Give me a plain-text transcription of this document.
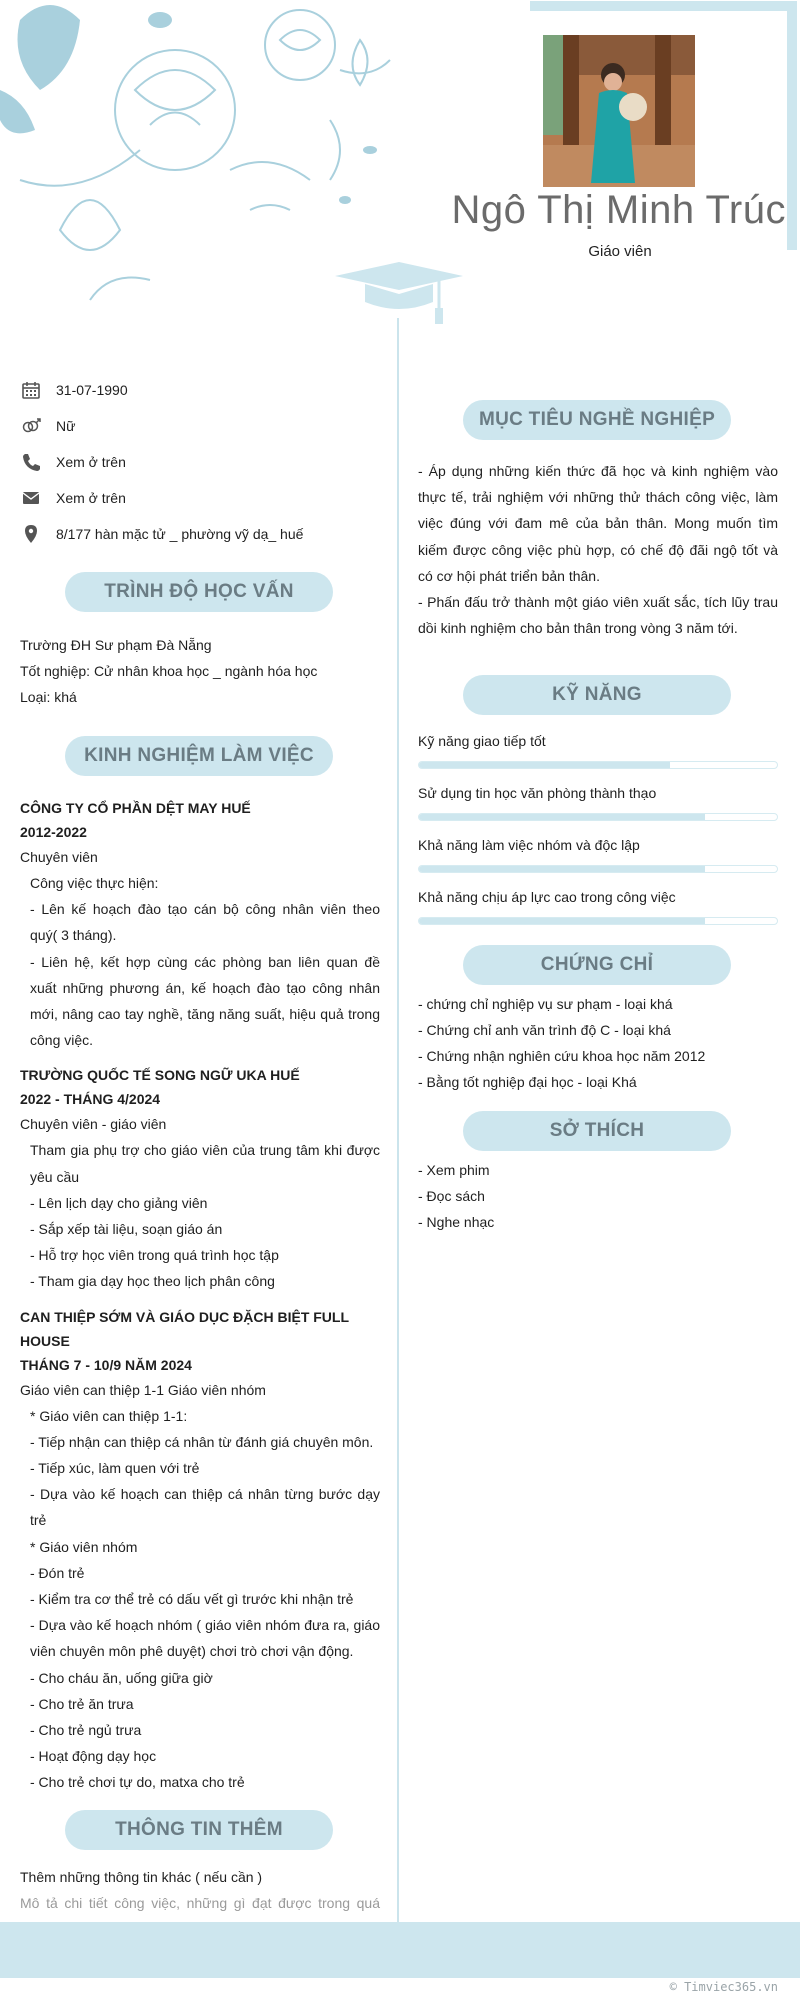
Ngô Thị Minh Trúc
Giáo viên
31-07-1990
Nữ
Xem ở trên
Xem ở trên
8/177 hàn mặc tử _ phường vỹ dạ_ huế
TRÌNH ĐỘ HỌC VẤN
Trường ĐH Sư phạm Đà Nẵng
Tốt nghiệp: Cử nhân khoa học _ ngành hóa học
Loại: khá
KINH NGHIỆM LÀM VIỆC
CÔNG TY CỔ PHẦN DỆT MAY HUẾ
2012-2022
Chuyên viên
Công việc thực hiện:
- Lên kế hoạch đào tạo cán bộ công nhân viên theo quý( 3 tháng).
- Liên hệ, kết hợp cùng các phòng ban liên quan đề xuất những phương án, kế hoạch đào tạo công nhân mới, nâng cao tay nghề, tăng năng suất, hiệu quả trong công việc.
TRƯỜNG QUỐC TẾ SONG NGỮ UKA HUẾ
2022 - THÁNG 4/2024
Chuyên viên - giáo viên
Tham gia phụ trợ cho giáo viên của trung tâm khi được yêu cầu
- Lên lịch dạy cho giảng viên
- Sắp xếp tài liệu, soạn giáo án
- Hỗ trợ học viên trong quá trình học tập
- Tham gia dạy học theo lịch phân công
CAN THIỆP SỚM VÀ GIÁO DỤC ĐẶCH BIỆT FULL HOUSE
THÁNG 7 - 10/9 NĂM 2024
Giáo viên can thiệp 1-1 Giáo viên nhóm
* Giáo viên can thiệp 1-1:
- Tiếp nhận can thiệp cá nhân từ đánh giá chuyên môn.
- Tiếp xúc, làm quen với trẻ
- Dựa vào kế hoạch can thiệp cá nhân từng bước dạy trẻ
* Giáo viên nhóm
- Đón trẻ
- Kiểm tra cơ thể trẻ có dấu vết gì trước khi nhận trẻ
- Dựa vào kế hoạch nhóm ( giáo viên nhóm đưa ra, giáo viên chuyên môn phê duyệt) chơi trò chơi vận động.
- Cho cháu ăn, uống giữa giờ
- Cho trẻ ăn trưa
- Cho trẻ ngủ trưa
- Hoạt động dạy học
- Cho trẻ chơi tự do, matxa cho trẻ
THÔNG TIN THÊM
Thêm những thông tin khác ( nếu cần )
Mô tả chi tiết công việc, những gì đạt được trong quá
MỤC TIÊU NGHỀ NGHIỆP
- Áp dụng những kiến thức đã học và kinh nghiệm vào thực tế, trải nghiệm với những thử thách công việc, làm việc đúng với đam mê của bản thân. Mong muốn tìm kiếm được công việc phù hợp, có chế độ đãi ngộ tốt và có cơ hội phát triển bản thân.
- Phấn đấu trở thành một giáo viên xuất sắc, tích lũy trau dồi kinh nghiệm cho bản thân trong vòng 3 năm tới.
KỸ NĂNG
Kỹ năng giao tiếp tốt
Sử dụng tin học văn phòng thành thạo
Khả năng làm việc nhóm và độc lập
Khả năng chịu áp lực cao trong công việc
CHỨNG CHỈ
- chứng chỉ nghiệp vụ sư phạm - loại khá
- Chứng chỉ anh văn trình độ C - loại khá
- Chứng nhận nghiên cứu khoa học năm 2012
- Bằng tốt nghiệp đại học - loại Khá
SỞ THÍCH
- Xem phim
- Đọc sách
- Nghe nhạc
© Timviec365.vn
